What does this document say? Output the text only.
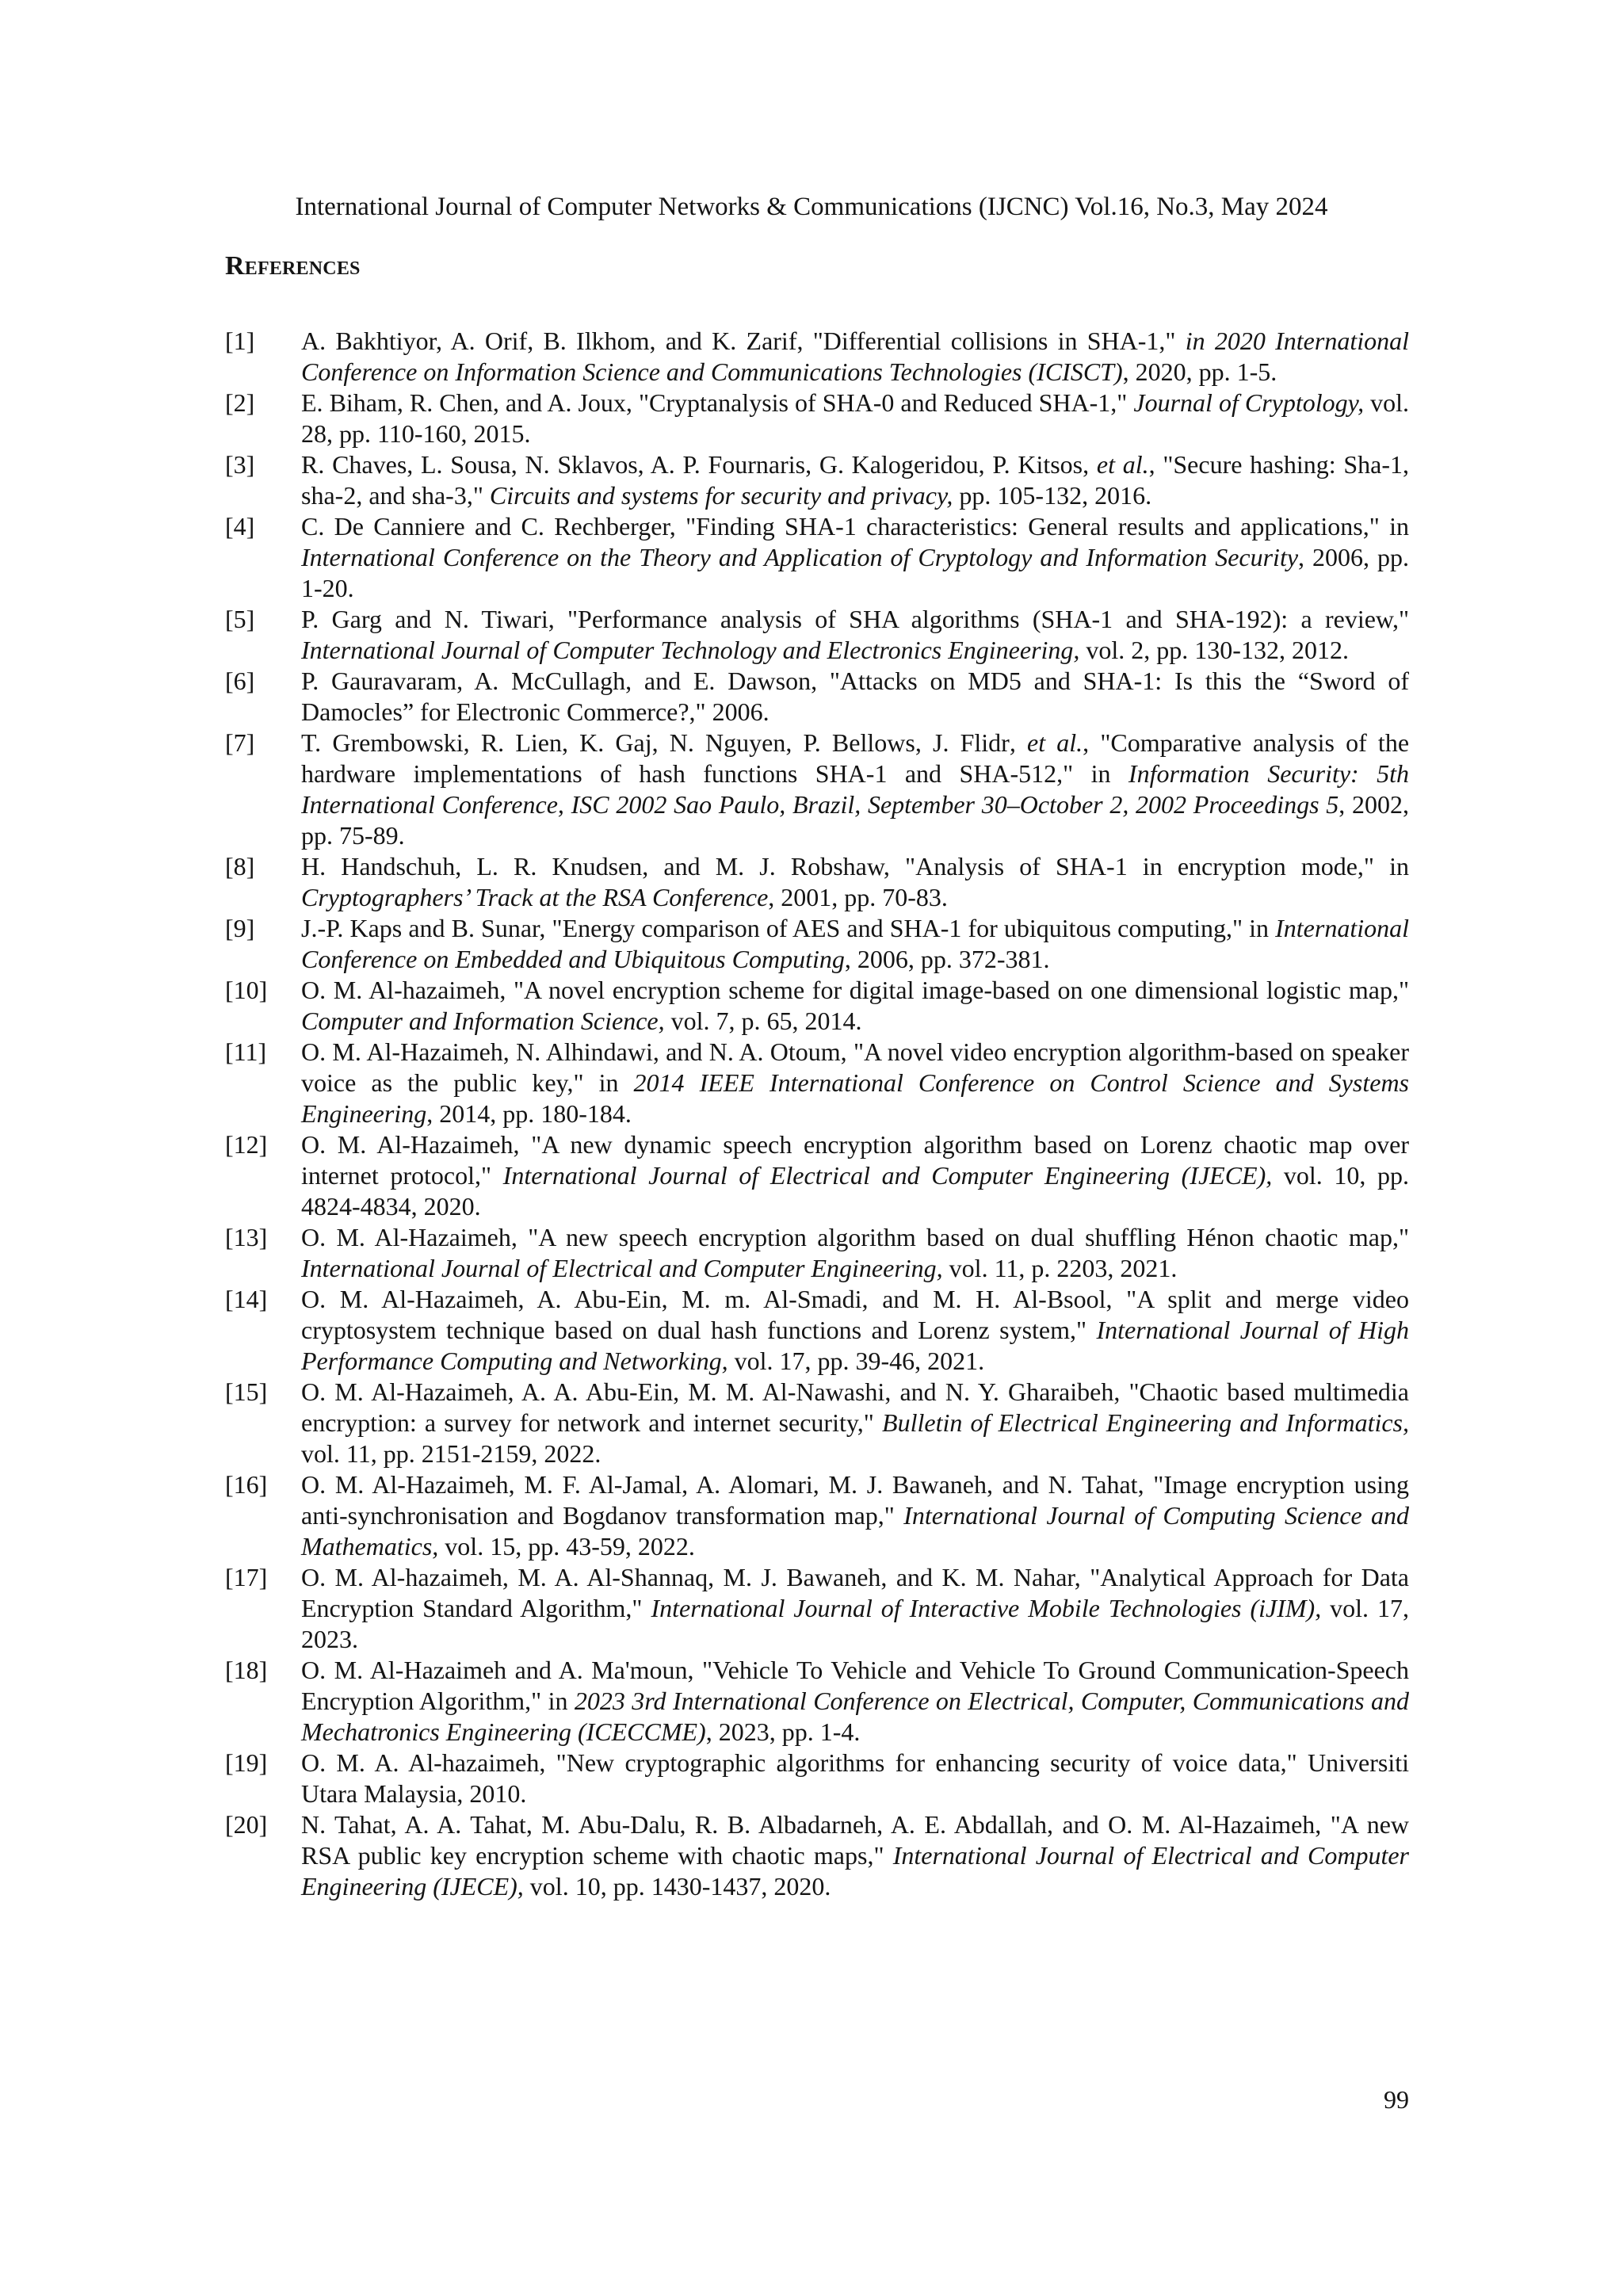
International Journal of Computer Networks & Communications (IJCNC) Vol.16, No.3, May 2024
References
[1] A. Bakhtiyor, A. Orif, B. Ilkhom, and K. Zarif, "Differential collisions in SHA-1," in 2020 International Conference on Information Science and Communications Technologies (ICISCT), 2020, pp. 1-5.
[2] E. Biham, R. Chen, and A. Joux, "Cryptanalysis of SHA-0 and Reduced SHA-1," Journal of Cryptology, vol. 28, pp. 110-160, 2015.
[3] R. Chaves, L. Sousa, N. Sklavos, A. P. Fournaris, G. Kalogeridou, P. Kitsos, et al., "Secure hashing: Sha-1, sha-2, and sha-3," Circuits and systems for security and privacy, pp. 105-132, 2016.
[4] C. De Canniere and C. Rechberger, "Finding SHA-1 characteristics: General results and applications," in International Conference on the Theory and Application of Cryptology and Information Security, 2006, pp. 1-20.
[5] P. Garg and N. Tiwari, "Performance analysis of SHA algorithms (SHA-1 and SHA-192): a review," International Journal of Computer Technology and Electronics Engineering, vol. 2, pp. 130-132, 2012.
[6] P. Gauravaram, A. McCullagh, and E. Dawson, "Attacks on MD5 and SHA-1: Is this the “Sword of Damocles” for Electronic Commerce?," 2006.
[7] T. Grembowski, R. Lien, K. Gaj, N. Nguyen, P. Bellows, J. Flidr, et al., "Comparative analysis of the hardware implementations of hash functions SHA-1 and SHA-512," in Information Security: 5th International Conference, ISC 2002 Sao Paulo, Brazil, September 30–October 2, 2002 Proceedings 5, 2002, pp. 75-89.
[8] H. Handschuh, L. R. Knudsen, and M. J. Robshaw, "Analysis of SHA-1 in encryption mode," in Cryptographers’ Track at the RSA Conference, 2001, pp. 70-83.
[9] J.-P. Kaps and B. Sunar, "Energy comparison of AES and SHA-1 for ubiquitous computing," in International Conference on Embedded and Ubiquitous Computing, 2006, pp. 372-381.
[10] O. M. Al-hazaimeh, "A novel encryption scheme for digital image-based on one dimensional logistic map," Computer and Information Science, vol. 7, p. 65, 2014.
[11] O. M. Al-Hazaimeh, N. Alhindawi, and N. A. Otoum, "A novel video encryption algorithm-based on speaker voice as the public key," in 2014 IEEE International Conference on Control Science and Systems Engineering, 2014, pp. 180-184.
[12] O. M. Al-Hazaimeh, "A new dynamic speech encryption algorithm based on Lorenz chaotic map over internet protocol," International Journal of Electrical and Computer Engineering (IJECE), vol. 10, pp. 4824-4834, 2020.
[13] O. M. Al-Hazaimeh, "A new speech encryption algorithm based on dual shuffling Hénon chaotic map," International Journal of Electrical and Computer Engineering, vol. 11, p. 2203, 2021.
[14] O. M. Al-Hazaimeh, A. Abu-Ein, M. m. Al-Smadi, and M. H. Al-Bsool, "A split and merge video cryptosystem technique based on dual hash functions and Lorenz system," International Journal of High Performance Computing and Networking, vol. 17, pp. 39-46, 2021.
[15] O. M. Al-Hazaimeh, A. A. Abu-Ein, M. M. Al-Nawashi, and N. Y. Gharaibeh, "Chaotic based multimedia encryption: a survey for network and internet security," Bulletin of Electrical Engineering and Informatics, vol. 11, pp. 2151-2159, 2022.
[16] O. M. Al-Hazaimeh, M. F. Al-Jamal, A. Alomari, M. J. Bawaneh, and N. Tahat, "Image encryption using anti-synchronisation and Bogdanov transformation map," International Journal of Computing Science and Mathematics, vol. 15, pp. 43-59, 2022.
[17] O. M. Al-hazaimeh, M. A. Al-Shannaq, M. J. Bawaneh, and K. M. Nahar, "Analytical Approach for Data Encryption Standard Algorithm," International Journal of Interactive Mobile Technologies (iJIM), vol. 17, 2023.
[18] O. M. Al-Hazaimeh and A. Ma'moun, "Vehicle To Vehicle and Vehicle To Ground Communication-Speech Encryption Algorithm," in 2023 3rd International Conference on Electrical, Computer, Communications and Mechatronics Engineering (ICECCME), 2023, pp. 1-4.
[19] O. M. A. Al-hazaimeh, "New cryptographic algorithms for enhancing security of voice data," Universiti Utara Malaysia, 2010.
[20] N. Tahat, A. A. Tahat, M. Abu-Dalu, R. B. Albadarneh, A. E. Abdallah, and O. M. Al-Hazaimeh, "A new RSA public key encryption scheme with chaotic maps," International Journal of Electrical and Computer Engineering (IJECE), vol. 10, pp. 1430-1437, 2020.
99
